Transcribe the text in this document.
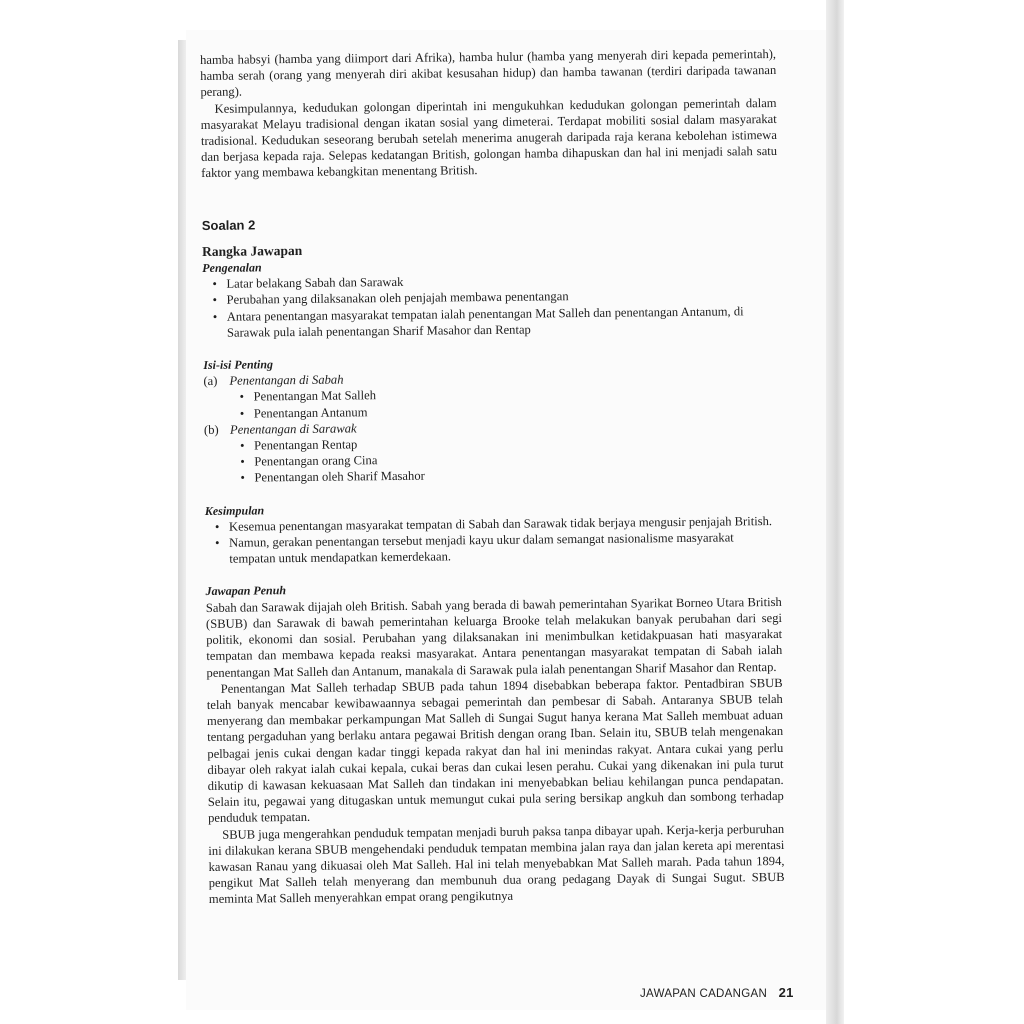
hamba habsyi (hamba yang diimport dari Afrika), hamba hulur (hamba yang menyerah diri kepada pemerintah), hamba serah (orang yang menyerah diri akibat kesusahan hidup) dan hamba tawanan (terdiri daripada tawanan perang).

Kesimpulannya, kedudukan golongan diperintah ini mengukuhkan kedudukan golongan pemerintah dalam masyarakat Melayu tradisional dengan ikatan sosial yang dimeterai. Terdapat mobiliti sosial dalam masyarakat tradisional. Kedudukan seseorang berubah setelah menerima anugerah daripada raja kerana kebolehan istimewa dan berjasa kepada raja. Selepas kedatangan British, golongan hamba dihapuskan dan hal ini menjadi salah satu faktor yang membawa kebangkitan menentang British.

Soalan 2
Rangka Jawapan
Pengenalan
• Latar belakang Sabah dan Sarawak
• Perubahan yang dilaksanakan oleh penjajah membawa penentangan
• Antara penentangan masyarakat tempatan ialah penentangan Mat Salleh dan penentangan Antanum, di Sarawak pula ialah penentangan Sharif Masahor dan Rentap
Isi-isi Penting
(a) Penentangan di Sabah
• Penentangan Mat Salleh
• Penentangan Antanum
(b) Penentangan di Sarawak
• Penentangan Rentap
• Penentangan orang Cina
• Penentangan oleh Sharif Masahor
Kesimpulan
• Kesemua penentangan masyarakat tempatan di Sabah dan Sarawak tidak berjaya mengusir penjajah British.
• Namun, gerakan penentangan tersebut menjadi kayu ukur dalam semangat nasionalisme masyarakat tempatan untuk mendapatkan kemerdekaan.
Jawapan Penuh

Sabah dan Sarawak dijajah oleh British. Sabah yang berada di bawah pemerintahan Syarikat Borneo Utara British (SBUB) dan Sarawak di bawah pemerintahan keluarga Brooke telah melakukan banyak perubahan dari segi politik, ekonomi dan sosial. Perubahan yang dilaksanakan ini menimbulkan ketidakpuasan hati masyarakat tempatan dan membawa kepada reaksi masyarakat. Antara penentangan masyarakat tempatan di Sabah ialah penentangan Mat Salleh dan Antanum, manakala di Sarawak pula ialah penentangan Sharif Masahor dan Rentap.

Penentangan Mat Salleh terhadap SBUB pada tahun 1894 disebabkan beberapa faktor. Pentadbiran SBUB telah banyak mencabar kewibawaannya sebagai pemerintah dan pembesar di Sabah. Antaranya SBUB telah menyerang dan membakar perkampungan Mat Salleh di Sungai Sugut hanya kerana Mat Salleh membuat aduan tentang pergaduhan yang berlaku antara pegawai British dengan orang Iban. Selain itu, SBUB telah mengenakan pelbagai jenis cukai dengan kadar tinggi kepada rakyat dan hal ini menindas rakyat. Antara cukai yang perlu dibayar oleh rakyat ialah cukai kepala, cukai beras dan cukai lesen perahu. Cukai yang dikenakan ini pula turut dikutip di kawasan kekuasaan Mat Salleh dan tindakan ini menyebabkan beliau kehilangan punca pendapatan. Selain itu, pegawai yang ditugaskan untuk memungut cukai pula sering bersikap angkuh dan sombong terhadap penduduk tempatan.

SBUB juga mengerahkan penduduk tempatan menjadi buruh paksa tanpa dibayar upah. Kerja-kerja perburuhan ini dilakukan kerana SBUB mengehendaki penduduk tempatan membina jalan raya dan jalan kereta api merentasi kawasan Ranau yang dikuasai oleh Mat Salleh. Hal ini telah menyebabkan Mat Salleh marah. Pada tahun 1894, pengikut Mat Salleh telah menyerang dan membunuh dua orang pedagang Dayak di Sungai Sugut. SBUB meminta Mat Salleh menyerahkan empat orang pengikutnya

JAWAPAN CADANGAN 21
